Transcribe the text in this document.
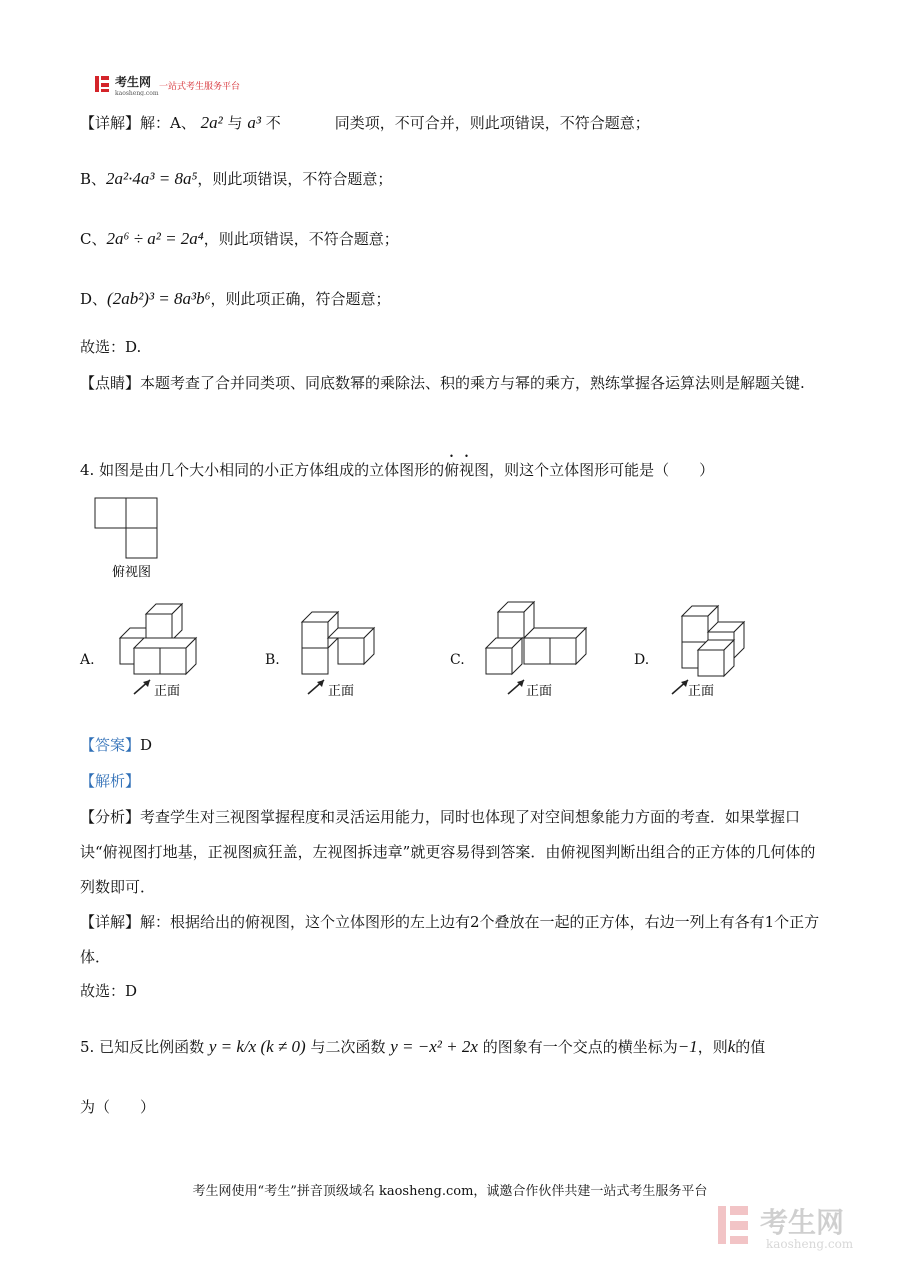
考生网
kaosheng.com
一站式考生服务平台
【详解】解：A、 2a² 与 a³ 不	同类项，不可合并，则此项错误，不符合题意；
B、2a²·4a³ = 8a⁵，则此项错误，不符合题意；
C、2a⁶ ÷ a² = 2a⁴，则此项错误，不符合题意；
D、(2ab²)³ = 8a³b⁶，则此项正确，符合题意；
故选：D.
【点睛】本题考查了合并同类项、同底数幂的乘除法、积的乘方与幂的乘方，熟练掌握各运算法则是解题关键.
4. 如图是由几个大小相同的小正方体组成的立体图形的俯视图，则这个立体图形可能是（　　）
俯视图
A.
正面
B.
正面
C.
正面
D.
正面
【答案】D
【解析】
【分析】考查学生对三视图掌握程度和灵活运用能力，同时也体现了对空间想象能力方面的考查．如果掌握口诀“俯视图打地基，正视图疯狂盖，左视图拆违章”就更容易得到答案．由俯视图判断出组合的正方体的几何体的列数即可．
【详解】解：根据给出的俯视图，这个立体图形的左上边有2个叠放在一起的正方体，右边一列上有各有1个正方体．
故选：D
5. 已知反比例函数 y = k/x (k ≠ 0) 与二次函数 y = −x² + 2x 的图象有一个交点的横坐标为−1，则k的值
为（　　）
考生网使用“考生”拼音顶级域名 kaosheng.com，诚邀合作伙伴共建一站式考生服务平台
考生网
kaosheng.com
